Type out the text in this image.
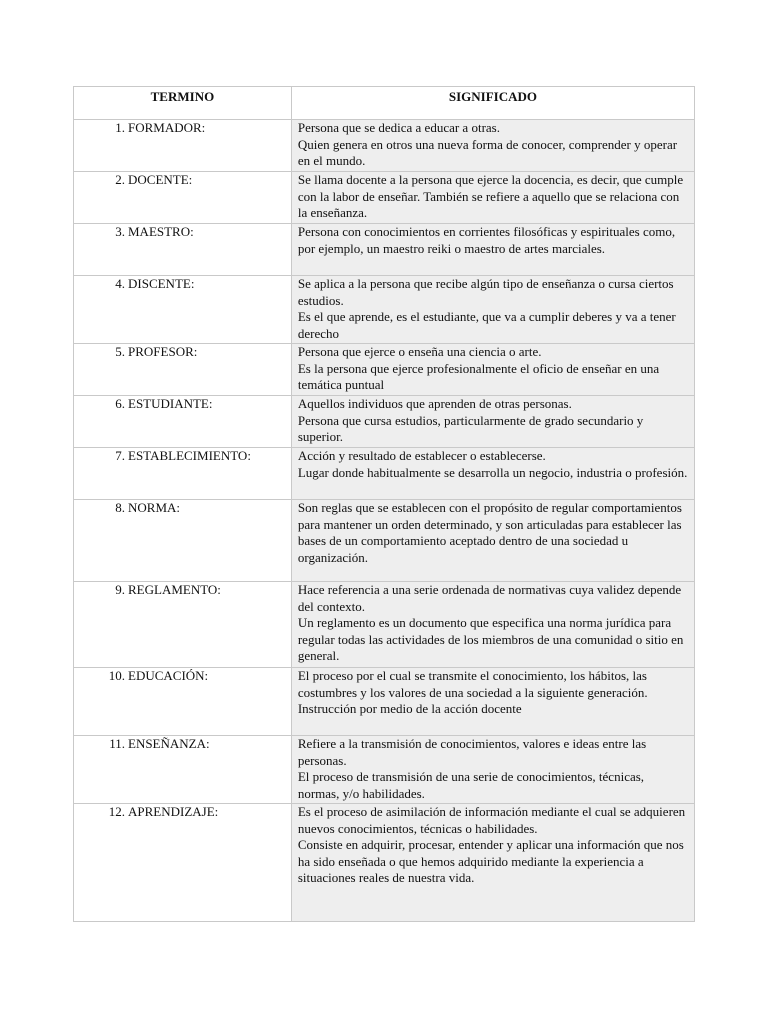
TERMINO	SIGNIFICADO
1. FORMADOR:	Persona que se dedica a educar a otras.
Quien genera en otros una nueva forma de conocer, comprender y operar en el mundo.

2. DOCENTE:	Se llama docente a la persona que ejerce la docencia, es decir, que cumple con la labor de enseñar. También se refiere a aquello que se relaciona con la enseñanza.

3. MAESTRO:	Persona con conocimientos en corrientes filosóficas y espirituales como, por ejemplo, un maestro reiki o maestro de artes marciales.

4. DISCENTE:	Se aplica a la persona que recibe algún tipo de enseñanza o cursa ciertos estudios.
Es el que aprende, es el estudiante, que va a cumplir deberes y va a tener derecho

5. PROFESOR:	Persona que ejerce o enseña una ciencia o arte.
Es la persona que ejerce profesionalmente el oficio de enseñar en una temática puntual

6. ESTUDIANTE:	Aquellos individuos que aprenden de otras personas.
Persona que cursa estudios, particularmente de grado secundario y superior.

7. ESTABLECIMIENTO:	Acción y resultado de establecer o establecerse.
Lugar donde habitualmente se desarrolla un negocio, industria o profesión.

8. NORMA:	Son reglas que se establecen con el propósito de regular comportamientos para mantener un orden determinado, y son articuladas para establecer las bases de un comportamiento aceptado dentro de una sociedad u organización.

9. REGLAMENTO:	Hace referencia a una serie ordenada de normativas cuya validez depende del contexto.
Un reglamento es un documento que especifica una norma jurídica para regular todas las actividades de los miembros de una comunidad o sitio en general.

10. EDUCACIÓN:	El proceso por el cual se transmite el conocimiento, los hábitos, las costumbres y los valores de una sociedad a la siguiente generación.
Instrucción por medio de la acción docente

11. ENSEÑANZA:	Refiere a la transmisión de conocimientos, valores e ideas entre las personas.
El proceso de transmisión de una serie de conocimientos, técnicas, normas, y/o habilidades.

12. APRENDIZAJE:	Es el proceso de asimilación de información mediante el cual se adquieren nuevos conocimientos, técnicas o habilidades.
Consiste en adquirir, procesar, entender y aplicar una información que nos ha sido enseñada o que hemos adquirido mediante la experiencia a situaciones reales de nuestra vida.
